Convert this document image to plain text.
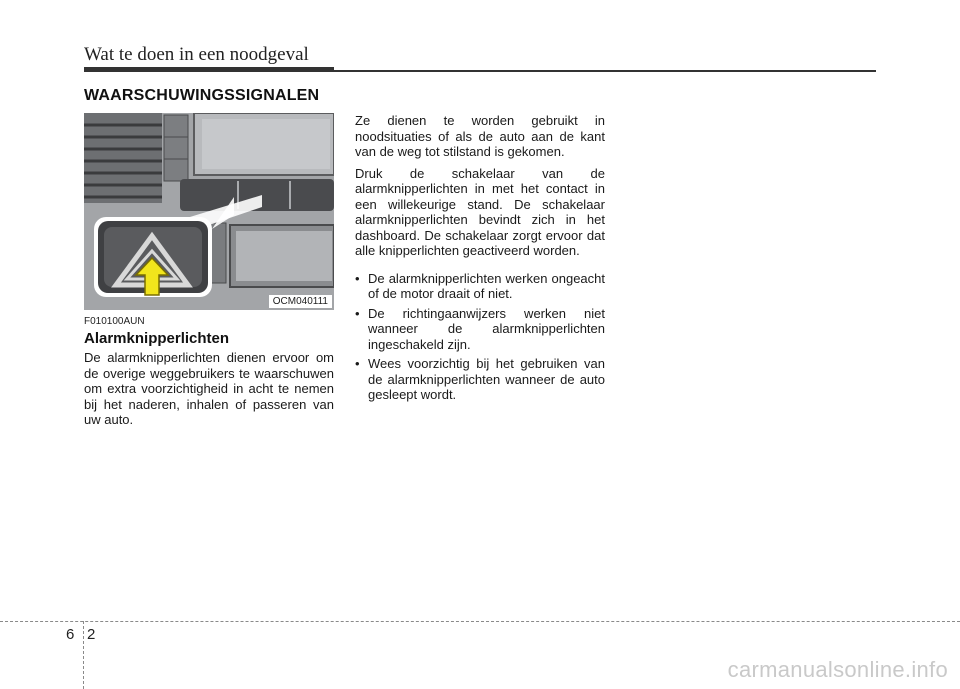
Wat te doen in een noodgeval
WAARSCHUWINGSSIGNALEN
OCM040111
F010100AUN
Alarmknipperlichten

De alarmknipperlichten dienen ervoor om de overige weggebruikers te waarschuwen om extra voorzichtigheid in acht te nemen bij het naderen, inhalen of passeren van uw auto.

Ze dienen te worden gebruikt in noodsituaties of als de auto aan de kant van de weg tot stilstand is gekomen.

Druk de schakelaar van de alarmknipperlichten in met het contact in een willekeurige stand. De schakelaar alarmknipperlichten bevindt zich in het dashboard. De schakelaar zorgt ervoor dat alle knipperlichten geactiveerd worden.

• De alarmknipperlichten werken ongeacht of de motor draait of niet.
• De richtingaanwijzers werken niet wanneer de alarmknipperlichten ingeschakeld zijn.
• Wees voorzichtig bij het gebruiken van de alarmknipperlichten wanneer de auto gesleept wordt.
6 2
carmanualsonline.info
